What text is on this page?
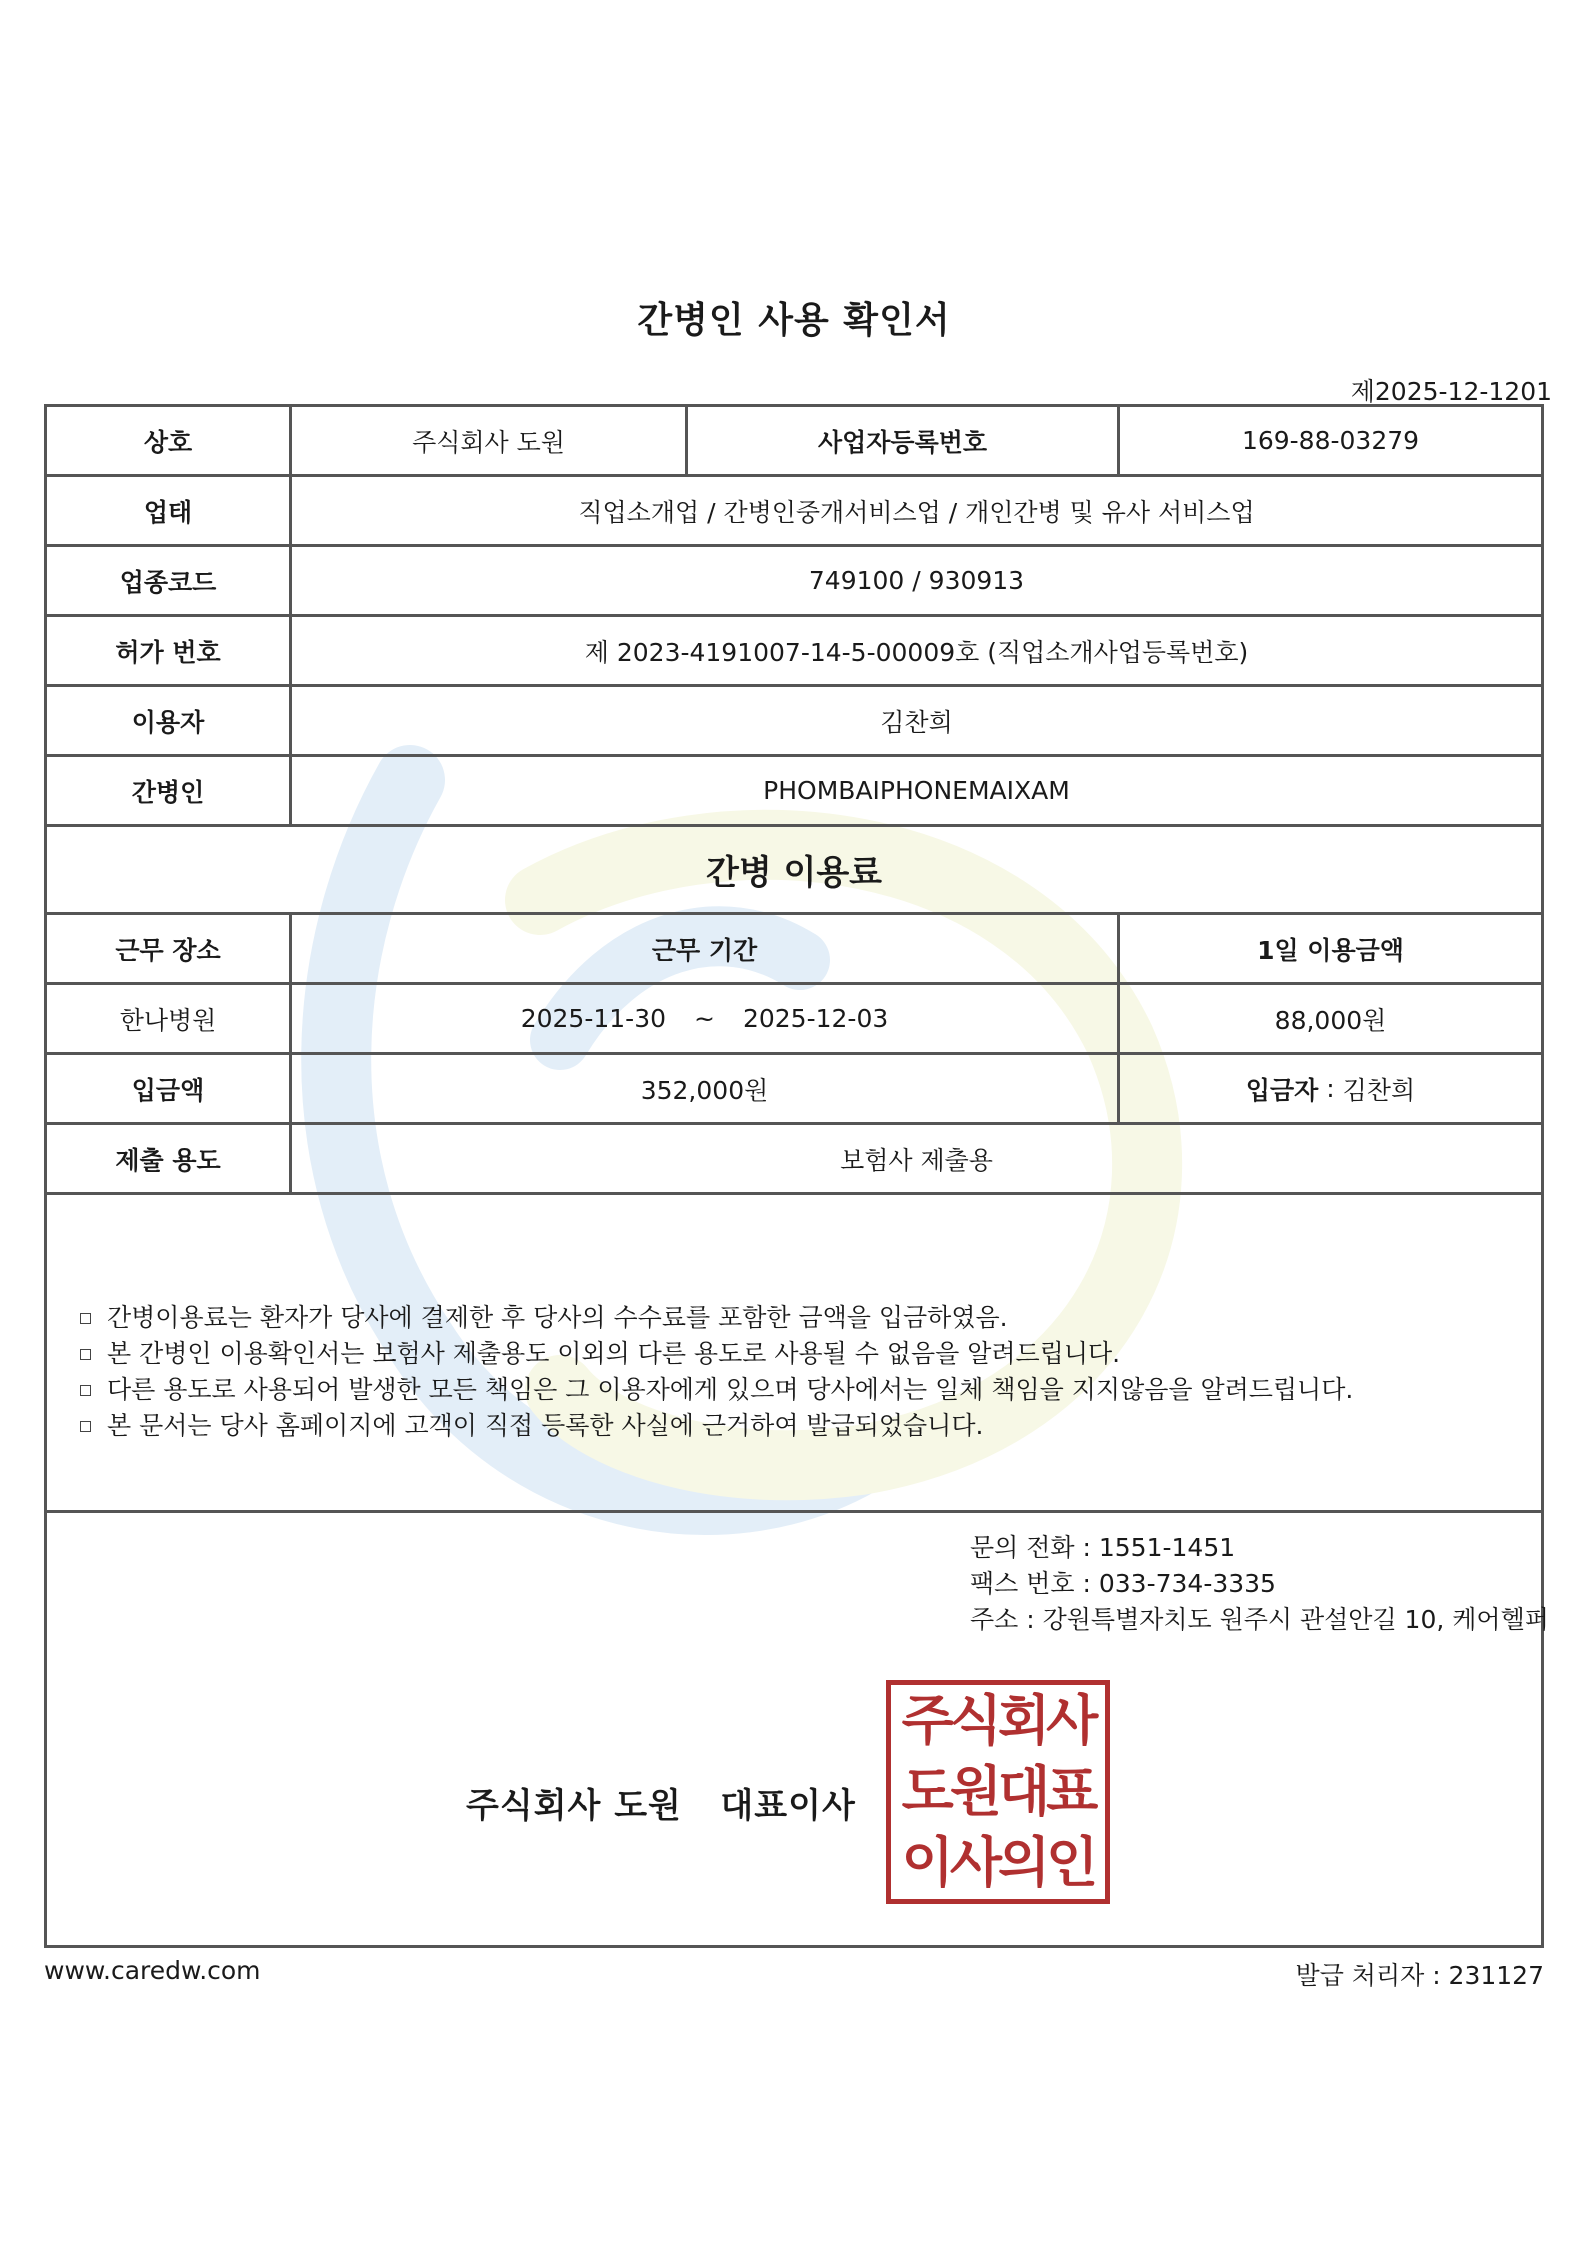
간병인 사용 확인서
제2025-12-1201
상호	주식회사 도원	사업자등록번호	169-88-03279
업태	직업소개업 / 간병인중개서비스업 / 개인간병 및 유사 서비스업
업종코드	749100 / 930913
허가 번호	제 2023-4191007-14-5-00009호 (직업소개사업등록번호)
이용자	김찬희
간병인	PHOMBAIPHONEMAIXAM
간병 이용료
근무 장소	근무 기간	1일 이용금액
한나병원	2025-11-30 ~ 2025-12-03	88,000원
입금액	352,000원	입금자 : 김찬희
제출 용도	보험사 제출용
간병이용료는 환자가 당사에 결제한 후 당사의 수수료를 포함한 금액을 입금하였음.
본 간병인 이용확인서는 보험사 제출용도 이외의 다른 용도로 사용될 수 없음을 알려드립니다.
다른 용도로 사용되어 발생한 모든 책임은 그 이용자에게 있으며 당사에서는 일체 책임을 지지않음을 알려드립니다.
본 문서는 당사 홈페이지에 고객이 직접 등록한 사실에 근거하여 발급되었습니다.
문의 전화 : 1551-1451
팩스 번호 : 033-734-3335
주소 : 강원특별자치도 원주시 관설안길 10, 케어헬퍼
주식회사 도원   대표이사
주식회사
도원대표
이사의인
www.caredw.com	발급 처리자 : 231127
